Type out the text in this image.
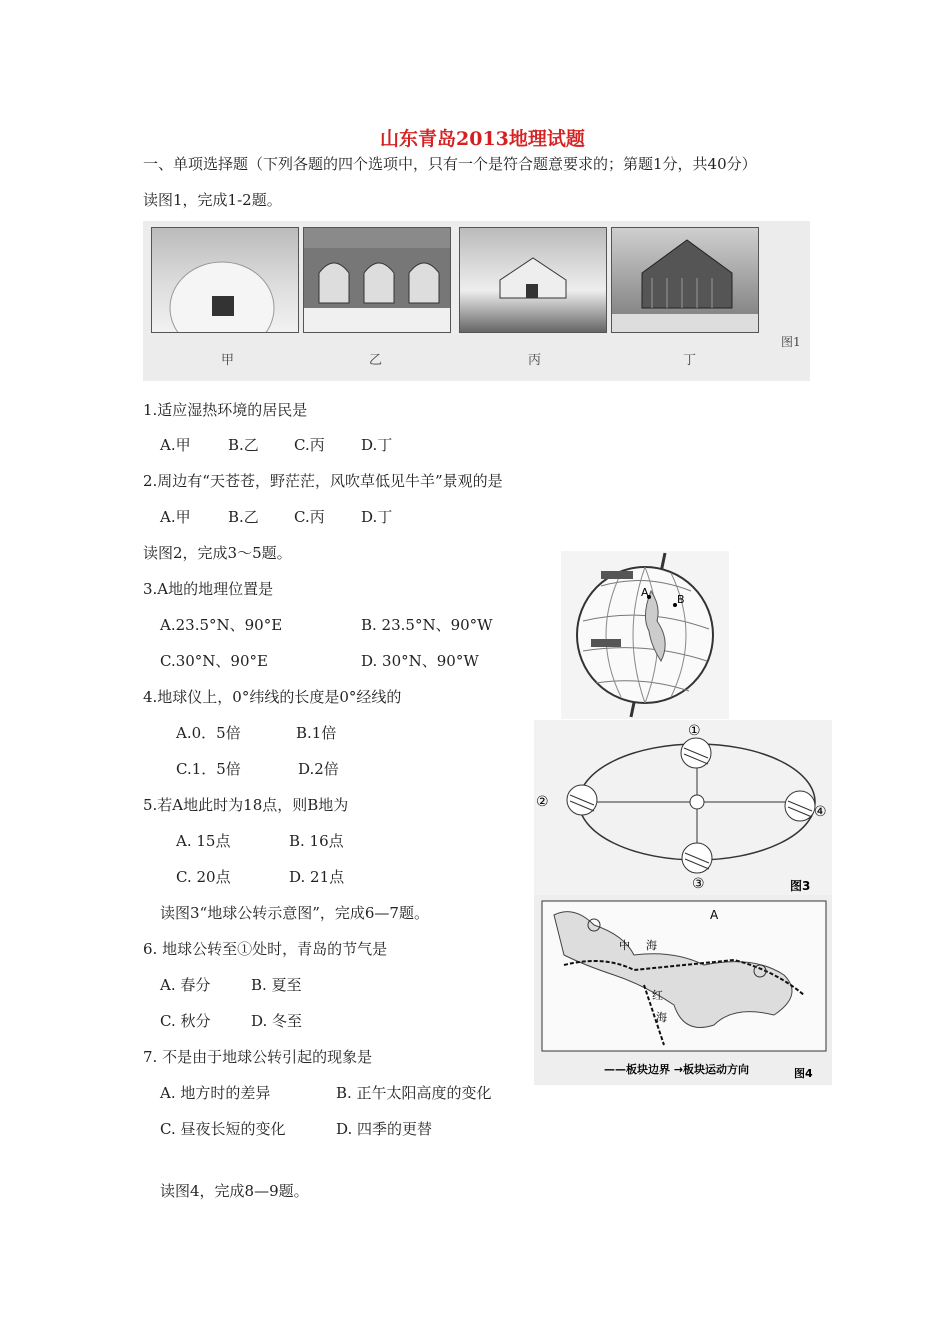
山东青岛2013地理试题
一、单项选择题（下列各题的四个选项中，只有一个是符合题意要求的；第题1分，共40分）
读图1，完成1-2题。
甲	乙	丙	丁
图1
1.适应湿热环境的居民是
A.甲 B.乙 C.丙 D.丁
2.周边有“天苍苍，野茫茫，风吹草低见牛羊”景观的是
A.甲 B.乙 C.丙 D.丁
读图2，完成3～5题。
3.A地的地理位置是
A.23.5°N、90°E	B. 23.5°N、90°W
C.30°N、90°E	D. 30°N、90°W
4.地球仪上，0°纬线的长度是0°经线的
A.0．5倍	B.1倍
C.1．5倍	D.2倍
5.若A地此时为18点，则B地为
A. 15点	B. 16点
C. 20点	D. 21点
读图3“地球公转示意图”，完成6—7题。
6. 地球公转至①处时，青岛的节气是
A. 春分	B. 夏至
C. 秋分	D. 冬至
7. 不是由于地球公转引起的现象是
A. 地方时的差异	B. 正午太阳高度的变化
C. 昼夜长短的变化	D. 四季的更替
读图4，完成8—9题。
A
B
①
②
③
④
图3
A
中 海
红
海
——板块边界 →板块运动方向	图4
